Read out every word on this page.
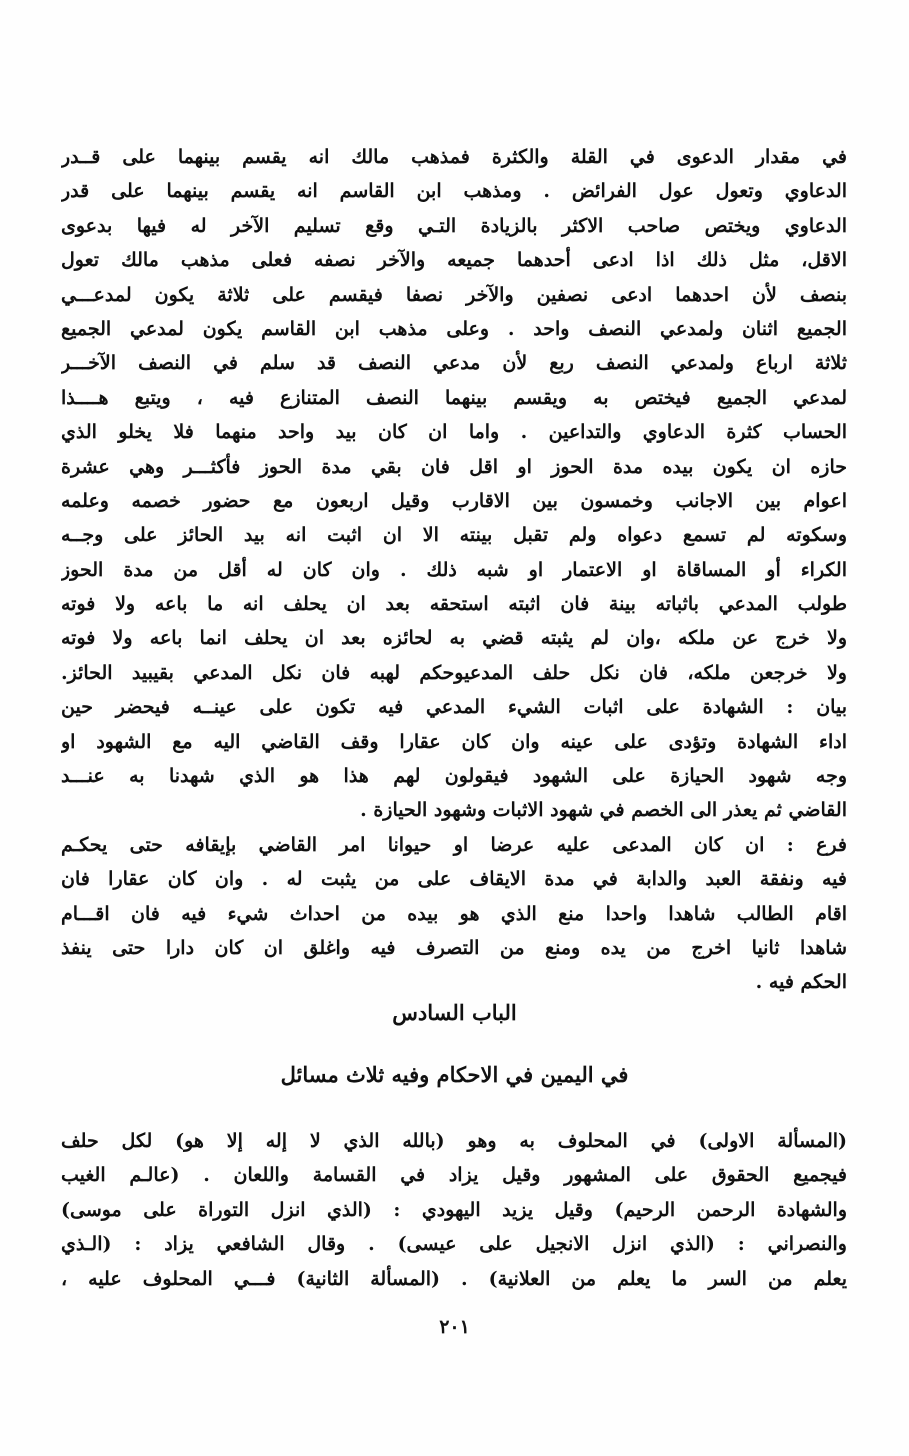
في مقدار الدعوى في القلة والكثرة فمذهب مالك انه يقسم بينهما على قــدر
الدعاوي وتعول عول الفرائض . ومذهب ابن القاسم انه يقسم بينهما على قدر
الدعاوي ويختص صاحب الاكثر بالزيادة التـي وقع تسليم الآخر له فيها بدعوى
الاقل، مثل ذلك اذا ادعى أحدهما جميعه والآخر نصفه فعلى مذهب مالك تعول
بنصف لأن احدهما ادعى نصفين والآخر نصفا فيقسم على ثلاثة يكون لمدعـــي
الجميع اثنان ولمدعي النصف واحد . وعلى مذهب ابن القاسم يكون لمدعي الجميع
ثلاثة ارباع ولمدعي النصف ربع لأن مدعي النصف قد سلم في النصف الآخـــر
لمدعي الجميع فيختص به ويقسم بينهما النصف المتنازع فيه ، ويتبع هــــذا
الحساب كثرة الدعاوي والتداعين . واما ان كان بيد واحد منهما فلا يخلو الذي
حازه ان يكون بيده مدة الحوز او اقل فان بقي مدة الحوز فأكثـــر وهي عشرة
اعوام بين الاجانب وخمسون بين الاقارب وقيل اربعون مع حضور خصمه وعلمه
وسكوته لم تسمع دعواه ولم تقبل بينته الا ان اثبت انه بيد الحائز على وجــه
الكراء أو المساقاة او الاعتمار او شبه ذلك . وان كان له أقل من مدة الحوز
طولب المدعي باثباته بينة فان اثبته استحقه بعد ان يحلف انه ما باعه ولا فوته
ولا خرج عن ملكه ،وان لم يثبته قضي به لحائزه بعد ان يحلف انما باعه ولا فوته
ولا خرجعن ملكه، فان نكل حلف المدعيوحكم لهبه فان نكل المدعي بقيبيد الحائز.
بيان : الشهادة على اثبات الشيء المدعي فيه تكون على عينــه فيحضر حين
اداء الشهادة وتؤدى على عينه وان كان عقارا وقف القاضي اليه مع الشهود او
وجه شهود الحيازة على الشهود فيقولون لهم هذا هو الذي شهدنا به عنـــد
القاضي ثم يعذر الى الخصم في شهود الاثبات وشهود الحيازة .
فرع : ان كان المدعى عليه عرضا او حيوانا امر القاضي بإيقافه حتى يحكـم
فيه ونفقة العبد والدابة في مدة الايقاف على من يثبت له . وان كان عقارا فان
اقام الطالب شاهدا واحدا منع الذي هو بيده من احداث شيء فيه فان اقـــام
شاهدا ثانيا اخرج من يده ومنع من التصرف فيه واغلق ان كان دارا حتى ينفذ
الحكم فيه .
الباب السادس
في اليمين في الاحكام وفيه ثلاث مسائل
(المسألة الاولى) في المحلوف به وهو (بالله الذي لا إله إلا هو) لكل حلف
فيجميع الحقوق على المشهور وقيل يزاد في القسامة واللعان . (عالـم الغيب
والشهادة الرحمن الرحيم) وقيل يزيد اليهودي : (الذي انزل التوراة على موسى)
والنصراني : (الذي انزل الانجيل على عيسى) . وقال الشافعي يزاد : (الـذي
يعلم من السر ما يعلم من العلانية) . (المسألة الثانية) فـــي المحلوف عليه ،
٢٠١
